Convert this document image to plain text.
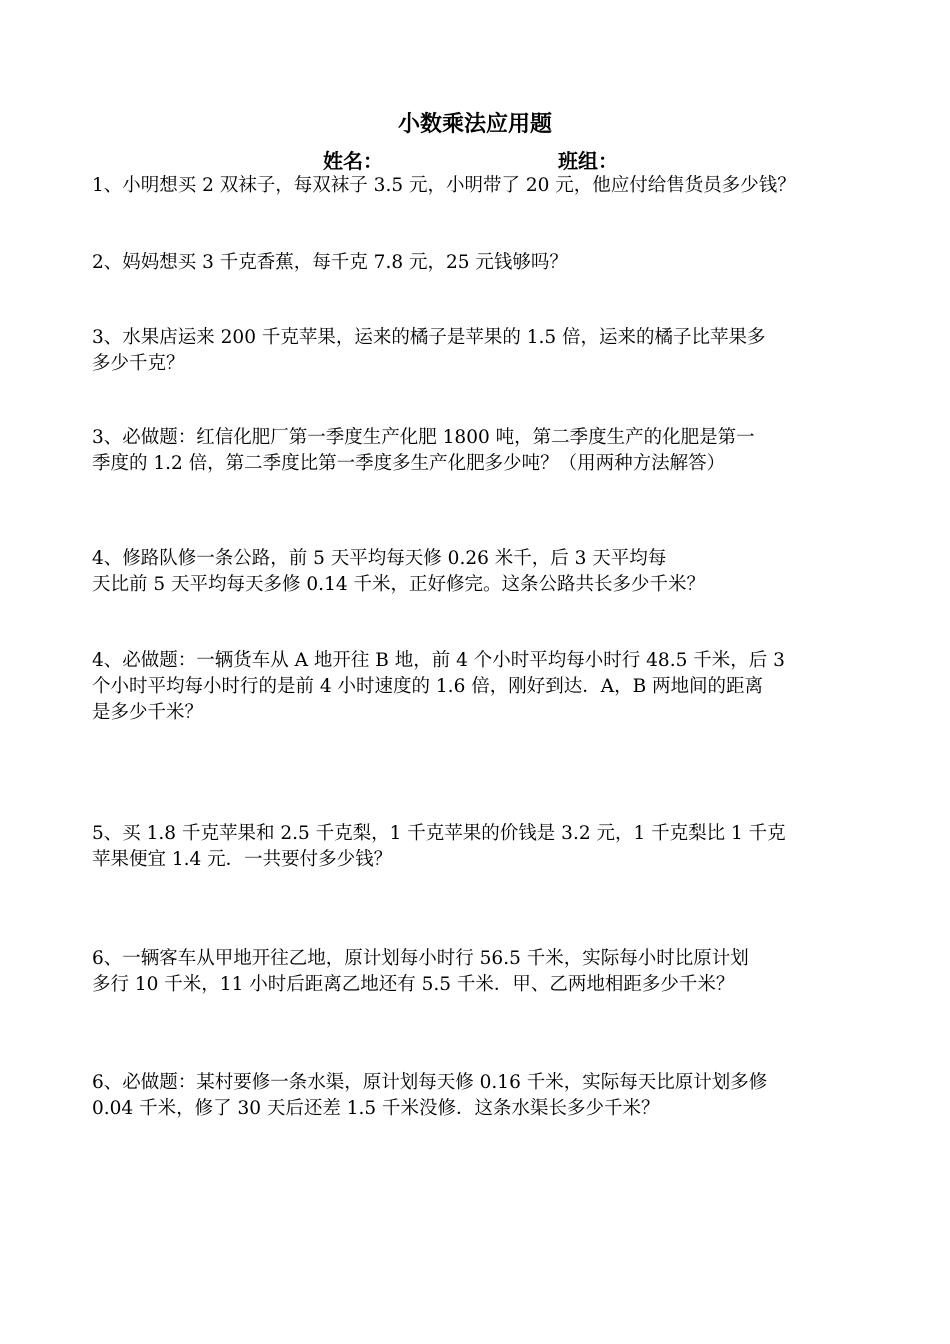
小数乘法应用题
姓名：	班组：
1、小明想买 2 双袜子，每双袜子 3.5 元，小明带了 20 元，他应付给售货员多少钱？
2、妈妈想买 3 千克香蕉，每千克 7.8 元，25 元钱够吗？
3、水果店运来 200 千克苹果，运来的橘子是苹果的 1.5 倍，运来的橘子比苹果多
多少千克？
3、必做题：红信化肥厂第一季度生产化肥 1800 吨，第二季度生产的化肥是第一
季度的 1.2 倍，第二季度比第一季度多生产化肥多少吨？（用两种方法解答）
4、修路队修一条公路，前 5 天平均每天修 0.26 米千，后 3 天平均每
天比前 5 天平均每天多修 0.14 千米，正好修完。这条公路共长多少千米？
4、必做题：一辆货车从 A 地开往 B 地，前 4 个小时平均每小时行 48.5 千米，后 3
个小时平均每小时行的是前 4 小时速度的 1.6 倍，刚好到达．A，B 两地间的距离
是多少千米？
5、买 1.8 千克苹果和 2.5 千克梨，1 千克苹果的价钱是 3.2 元，1 千克梨比 1 千克
苹果便宜 1.4 元．一共要付多少钱？
6、一辆客车从甲地开往乙地，原计划每小时行 56.5 千米，实际每小时比原计划
多行 10 千米，11 小时后距离乙地还有 5.5 千米．甲、乙两地相距多少千米？
6、必做题：某村要修一条水渠，原计划每天修 0.16 千米，实际每天比原计划多修
0.04 千米，修了 30 天后还差 1.5 千米没修．这条水渠长多少千米？
